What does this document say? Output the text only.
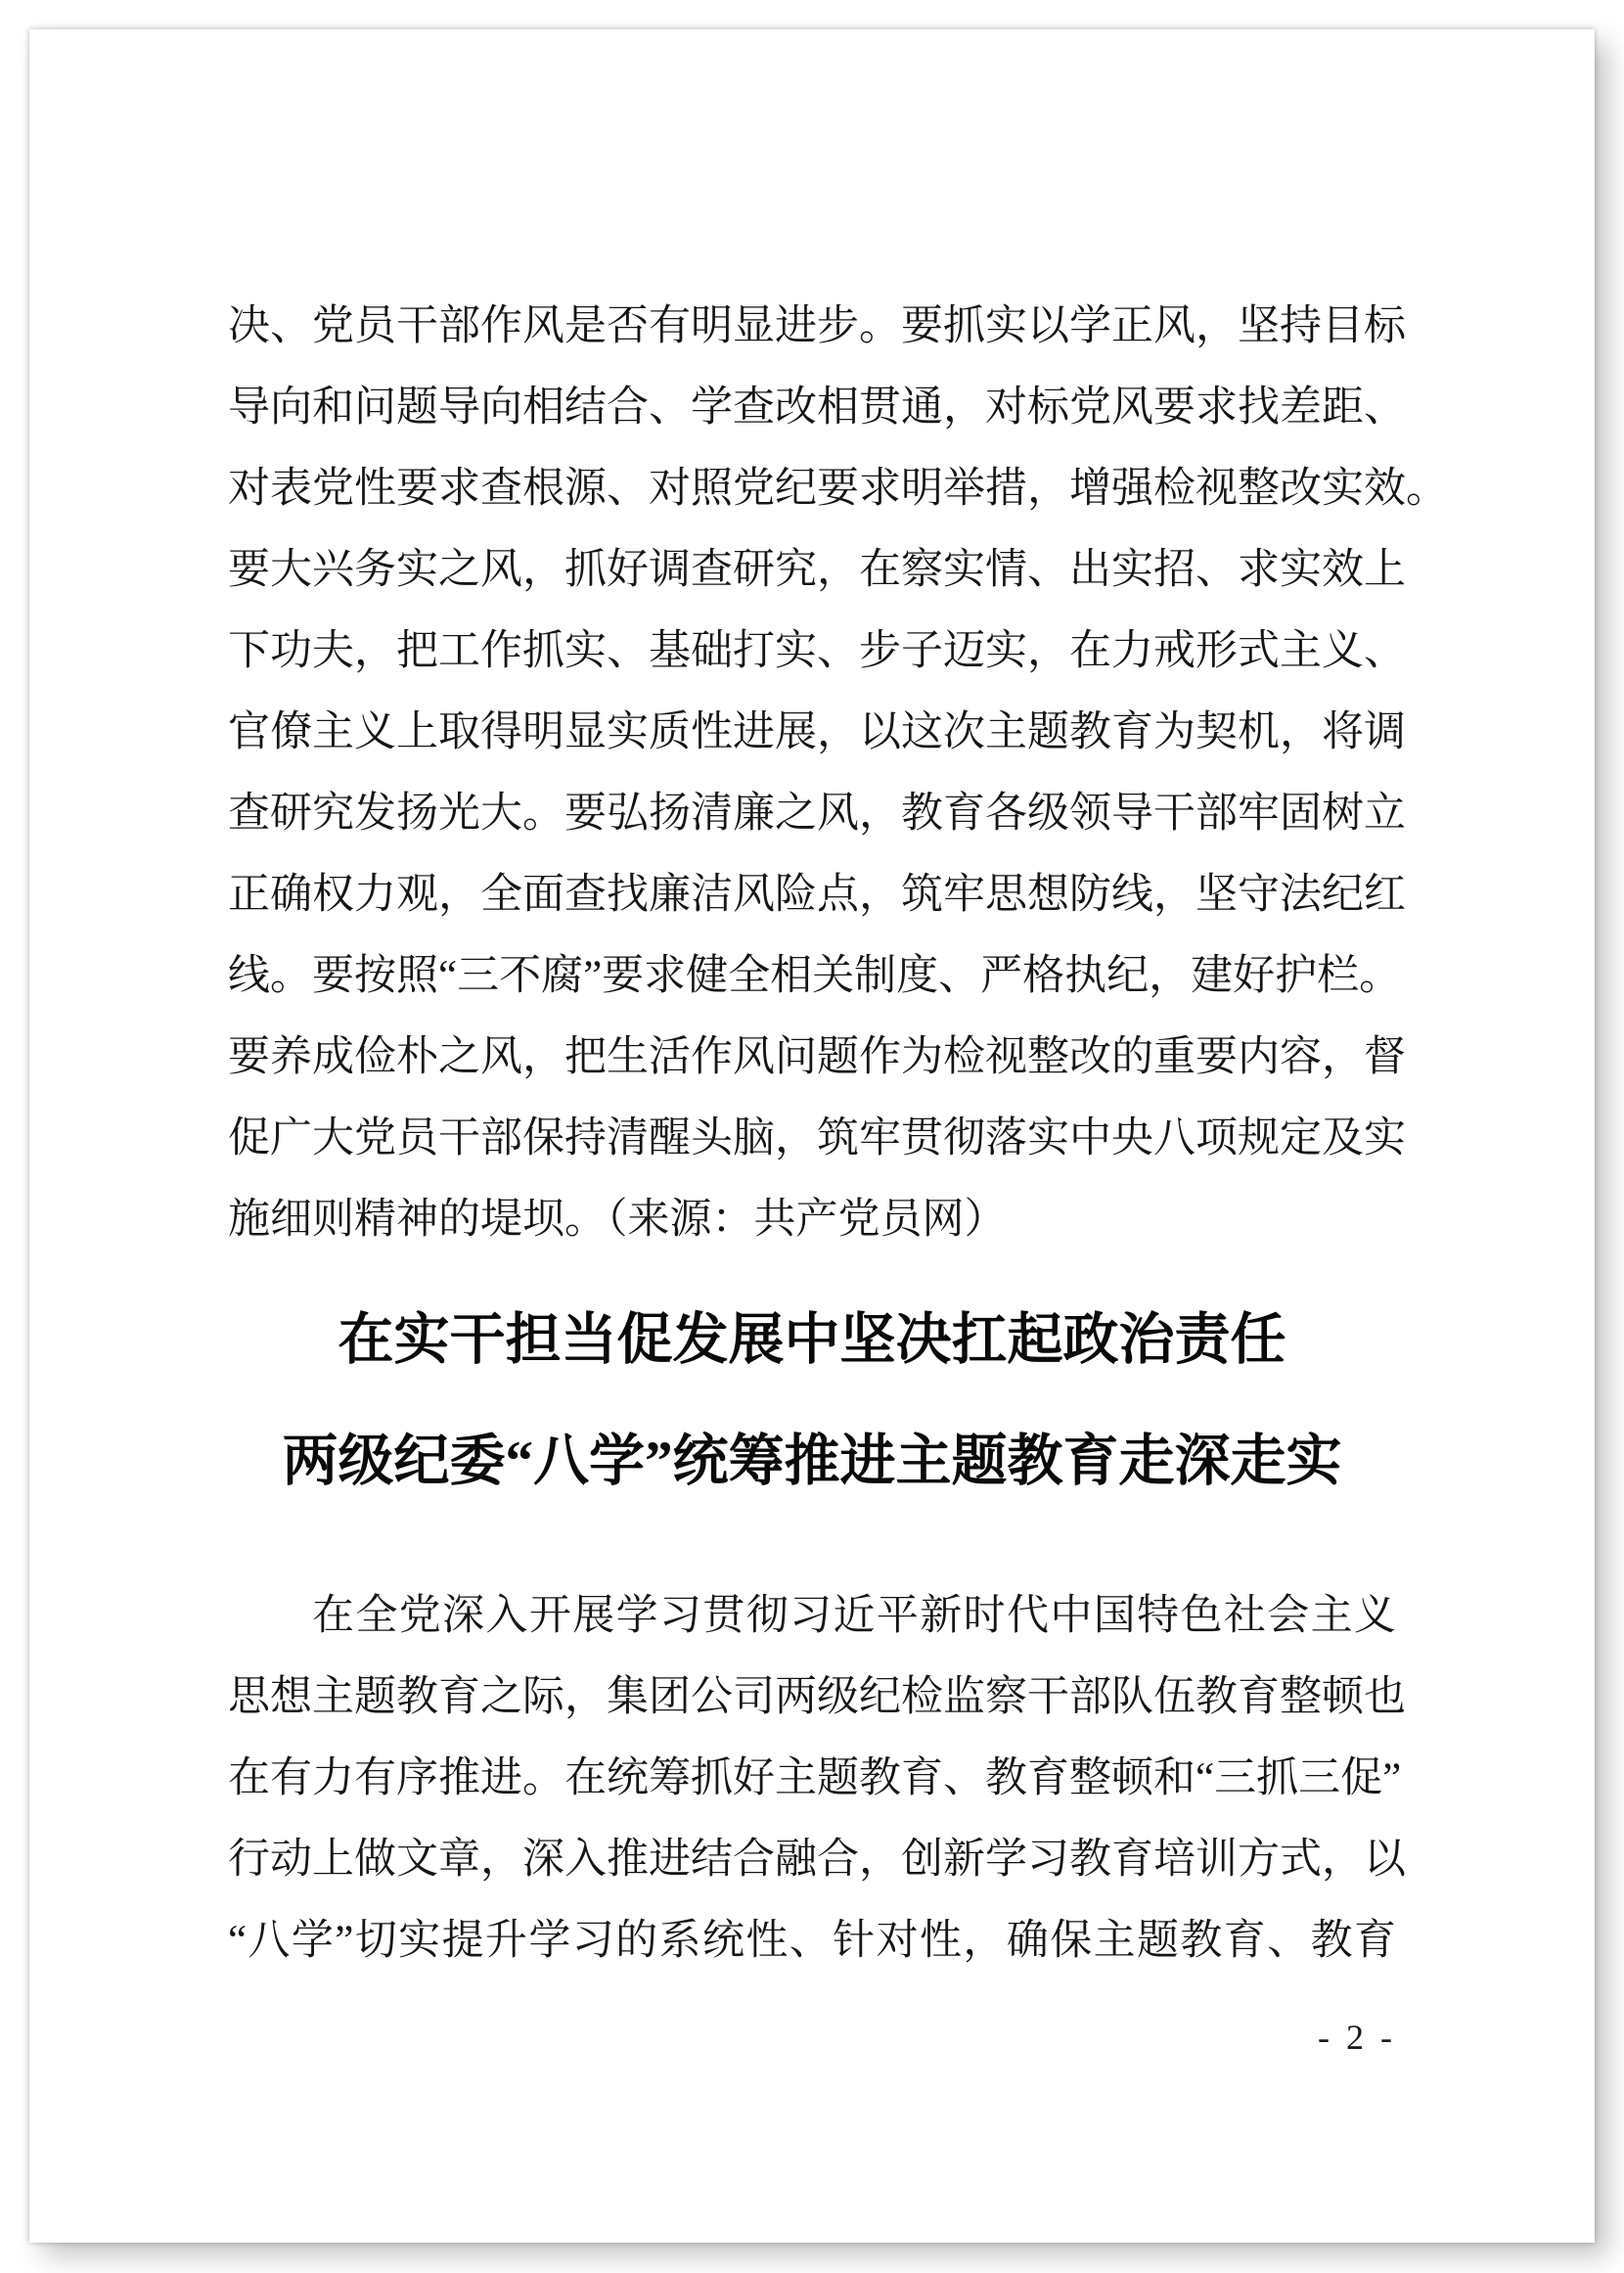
决、党员干部作风是否有明显进步。要抓实以学正风，坚持目标
导向和问题导向相结合、学查改相贯通，对标党风要求找差距、
对表党性要求查根源、对照党纪要求明举措，增强检视整改实效。
要大兴务实之风，抓好调查研究，在察实情、出实招、求实效上
下功夫，把工作抓实、基础打实、步子迈实，在力戒形式主义、
官僚主义上取得明显实质性进展，以这次主题教育为契机，将调
查研究发扬光大。要弘扬清廉之风，教育各级领导干部牢固树立
正确权力观，全面查找廉洁风险点，筑牢思想防线，坚守法纪红
线。要按照“三不腐”要求健全相关制度、严格执纪，建好护栏。
要养成俭朴之风，把生活作风问题作为检视整改的重要内容，督
促广大党员干部保持清醒头脑，筑牢贯彻落实中央八项规定及实
施细则精神的堤坝。（来源：共产党员网）
在实干担当促发展中坚决扛起政治责任
两级纪委“八学”统筹推进主题教育走深走实
在全党深入开展学习贯彻习近平新时代中国特色社会主义
思想主题教育之际，集团公司两级纪检监察干部队伍教育整顿也
在有力有序推进。在统筹抓好主题教育、教育整顿和“三抓三促”
行动上做文章，深入推进结合融合，创新学习教育培训方式，以
“八学”切实提升学习的系统性、针对性，确保主题教育、教育
- 2 -
